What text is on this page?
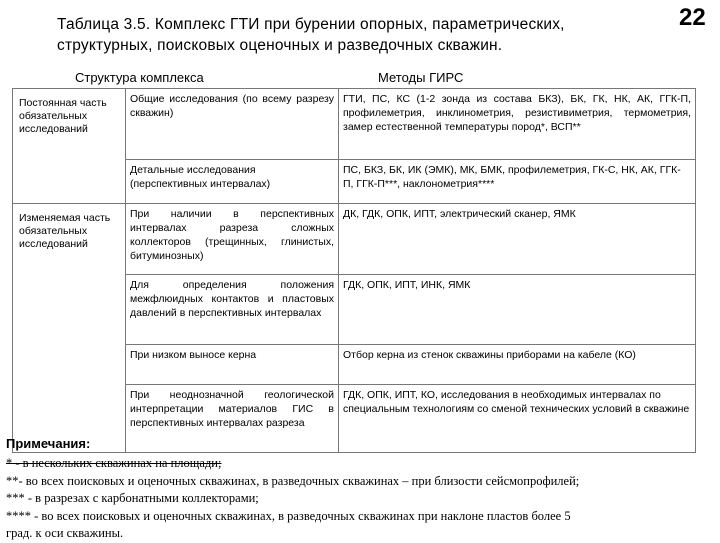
Таблица 3.5. Комплекс ГТИ при бурении опорных, параметрических,
структурных, поисковых оценочных и разведочных скважин.
22
Структура комплекса	Методы ГИРС
Постоянная часть обязательных исследований	Общие исследования (по всему разрезу скважин)	ГТИ, ПС, КС (1-2 зонда из состава БКЗ), БК, ГК, НК, АК, ГГК-П, профилеметрия, инклинометрия, резистивиметрия, термометрия, замер естественной температуры пород*, ВСП**
	Детальные исследования (перспективных интервалах)	ПС, БКЗ, БК, ИК (ЭМК), МК, БМК, профилеметрия, ГК-С, НК, АК, ГГК-П, ГГК-П***, наклонометрия****
Изменяемая часть обязательных исследований	При наличии в перспективных интервалах разреза сложных коллекторов (трещинных, глинистых, битуминозных)	ДК, ГДК, ОПК, ИПТ, электрический сканер, ЯМК
	Для определения положения межфлюидных контактов и пластовых давлений в перспективных интервалах	ГДК, ОПК, ИПТ, ИНК, ЯМК
	При низком выносе керна	Отбор керна из стенок скважины приборами на кабеле (КО)
	При неоднозначной геологической интерпретации материалов ГИС в перспективных интервалах разреза	ГДК, ОПК, ИПТ, КО, исследования в необходимых интервалах по специальным технологиям со сменой технических условий в скважине
Примечания:
* - в нескольких скважинах на площади;
**- во всех поисковых и оценочных скважинах, в разведочных скважинах – при близости сейсмопрофилей;
*** - в разрезах с карбонатными коллекторами;
**** - во всех поисковых и оценочных скважинах, в разведочных скважинах при наклоне пластов более 5
град. к оси скважины.
